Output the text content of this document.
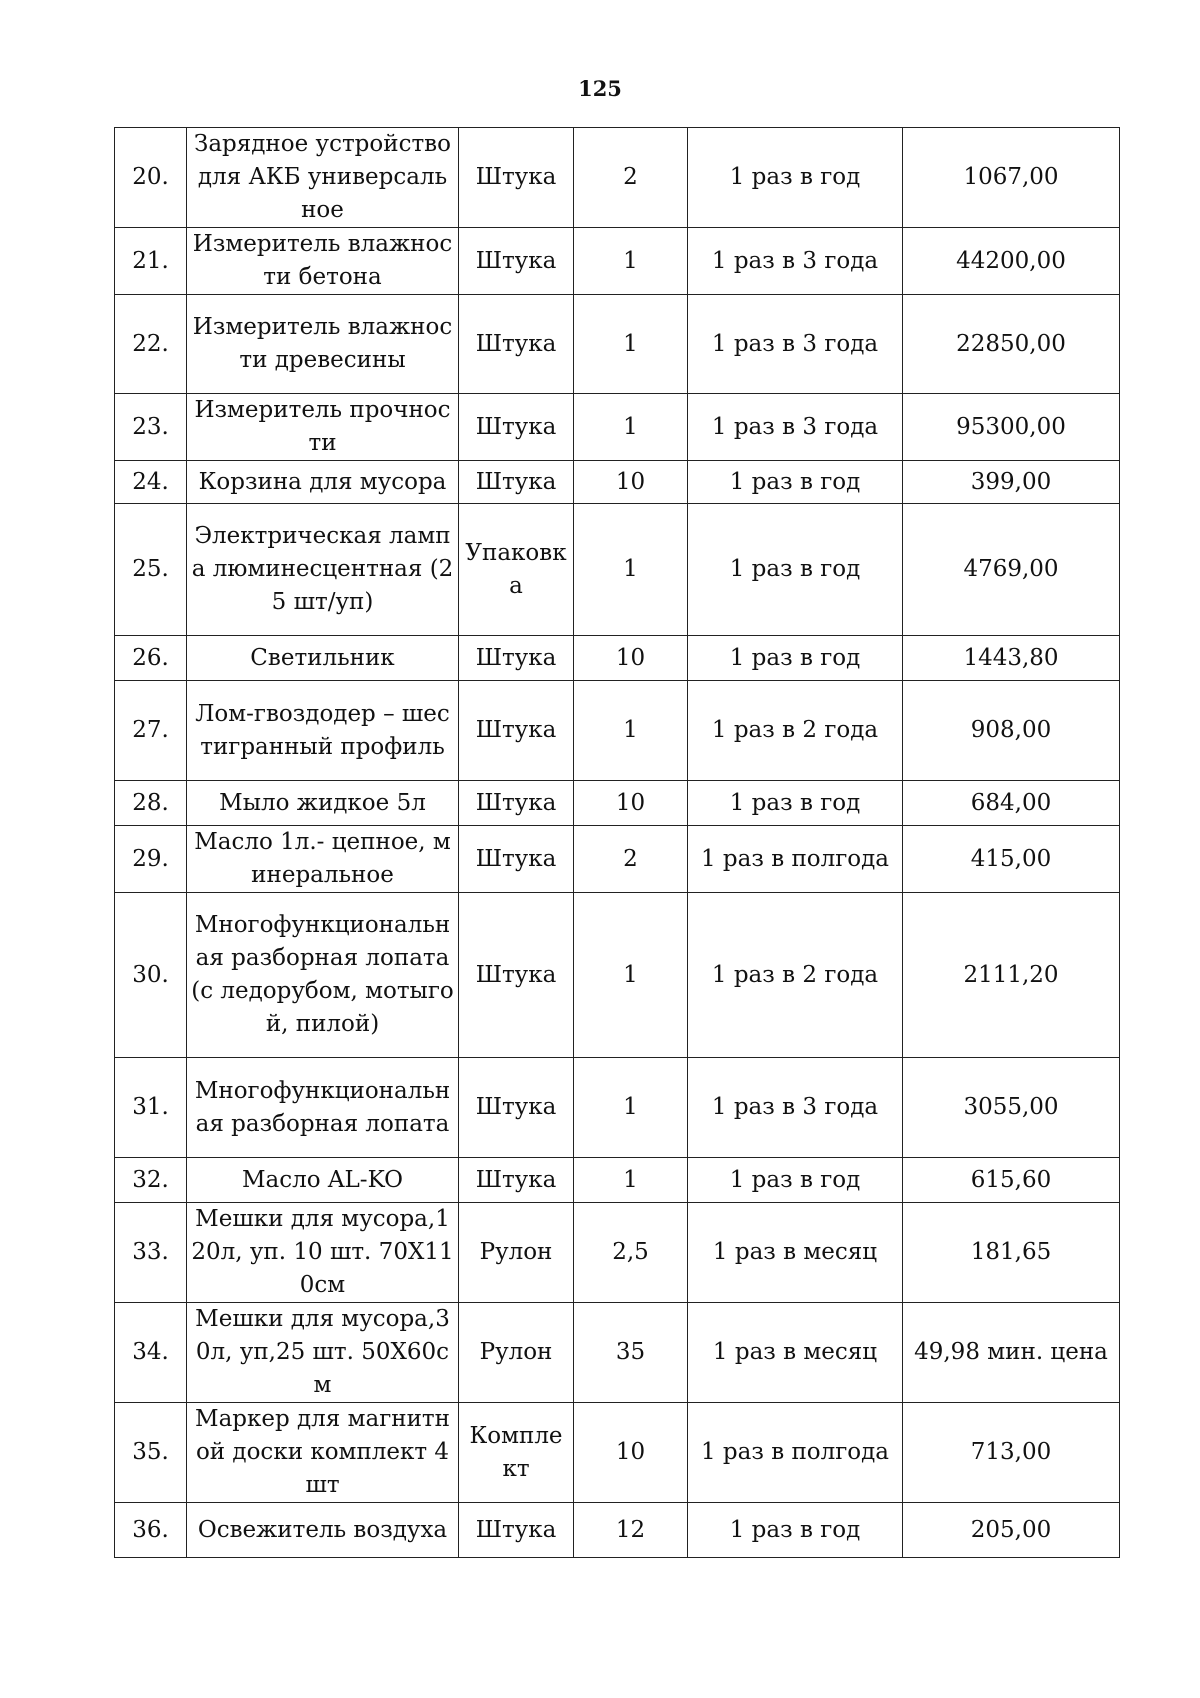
125
20.	Зарядное устройство для АКБ универсальное	Штука	2	1 раз в год	1067,00
21.	Измеритель влажности бетона	Штука	1	1 раз в 3 года	44200,00
22.	Измеритель влажности древесины	Штука	1	1 раз в 3 года	22850,00
23.	Измеритель прочности	Штука	1	1 раз в 3 года	95300,00
24.	Корзина для мусора	Штука	10	1 раз в год	399,00
25.	Электрическая лампа люминесцентная (25 шт/уп)	Упаковка	1	1 раз в год	4769,00
26.	Светильник	Штука	10	1 раз в год	1443,80
27.	Лом-гвоздодер – шестигранный профиль	Штука	1	1 раз в 2 года	908,00
28.	Мыло жидкое 5л	Штука	10	1 раз в год	684,00
29.	Масло 1л.- цепное, минеральное	Штука	2	1 раз в полгода	415,00
30.	Многофункциональная разборная лопата (с ледорубом, мотыгой, пилой)	Штука	1	1 раз в 2 года	2111,20
31.	Многофункциональная разборная лопата	Штука	1	1 раз в 3 года	3055,00
32.	Масло AL-KO	Штука	1	1 раз в год	615,60
33.	Мешки для мусора,120л, уп. 10 шт. 70Х110см	Рулон	2,5	1 раз в месяц	181,65
34.	Мешки для мусора,30л, уп,25 шт. 50Х60см	Рулон	35	1 раз в месяц	49,98 мин. цена
35.	Маркер для магнитной доски комплект 4шт	Комплект	10	1 раз в полгода	713,00
36.	Освежитель воздуха	Штука	12	1 раз в год	205,00
